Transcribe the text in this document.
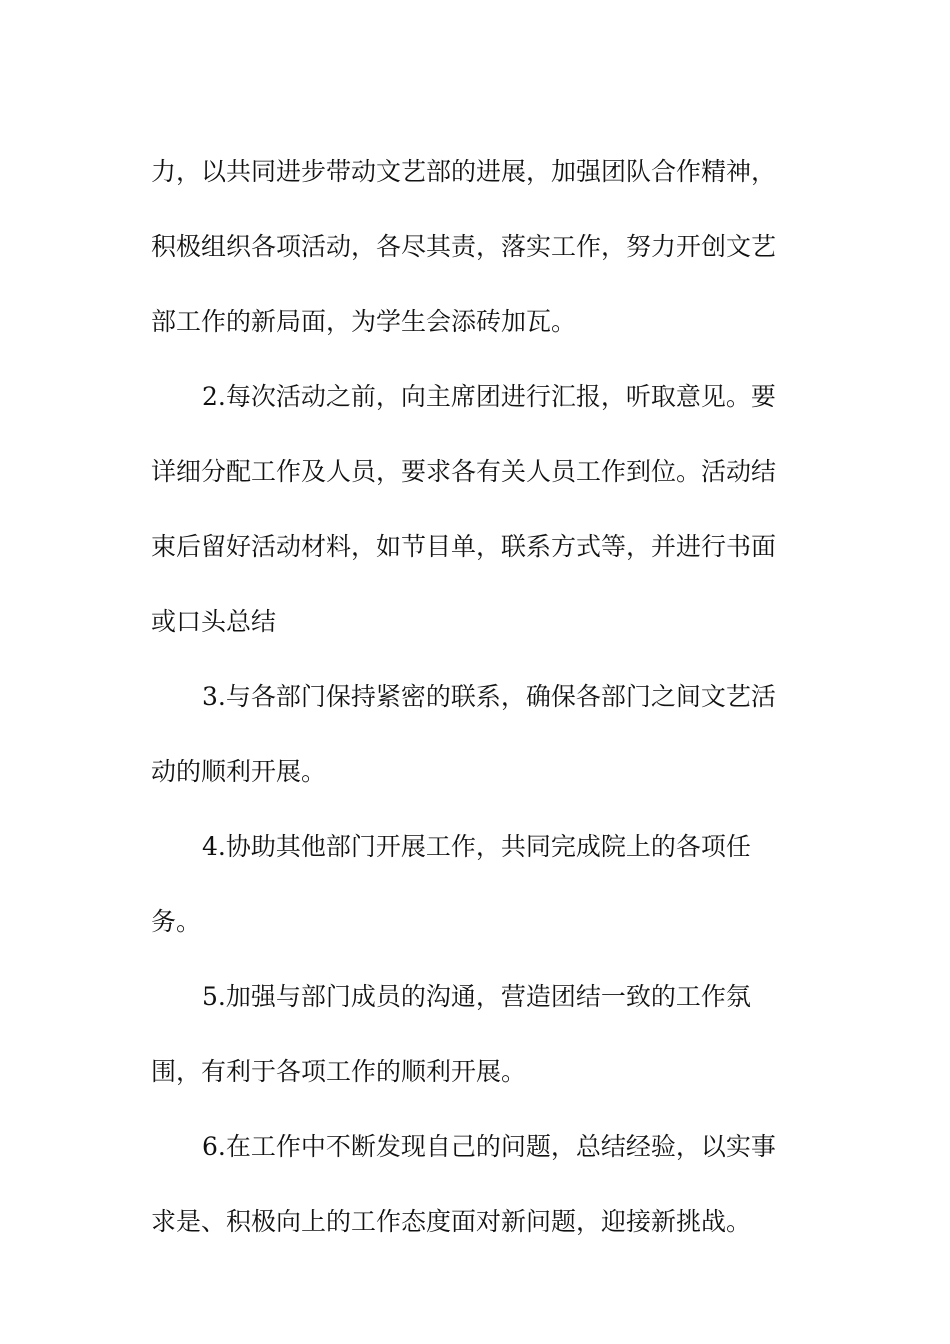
力，以共同进步带动文艺部的进展，加强团队合作精神，
积极组织各项活动，各尽其责，落实工作，努力开创文艺
部工作的新局面，为学生会添砖加瓦。
2.每次活动之前，向主席团进行汇报，听取意见。要
详细分配工作及人员，要求各有关人员工作到位。活动结
束后留好活动材料，如节目单，联系方式等，并进行书面
或口头总结
3.与各部门保持紧密的联系，确保各部门之间文艺活
动的顺利开展。
4.协助其他部门开展工作，共同完成院上的各项任
务。
5.加强与部门成员的沟通，营造团结一致的工作氛
围，有利于各项工作的顺利开展。
6.在工作中不断发现自己的问题，总结经验，以实事
求是、积极向上的工作态度面对新问题，迎接新挑战。
